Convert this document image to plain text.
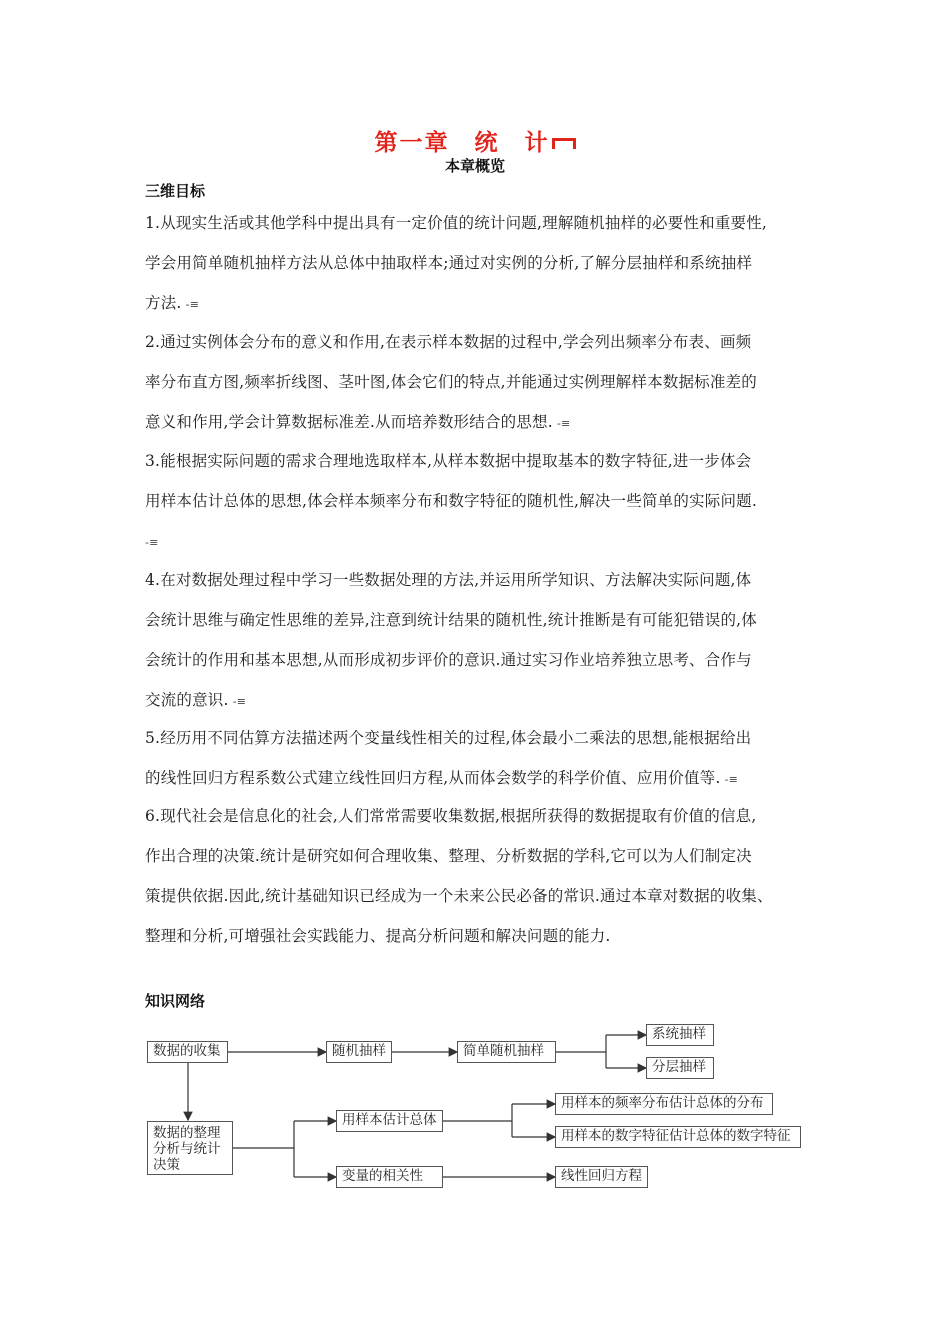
第一章　统　计
本章概览
三维目标
1.从现实生活或其他学科中提出具有一定价值的统计问题,理解随机抽样的必要性和重要性,
学会用简单随机抽样方法从总体中抽取样本;通过对实例的分析,了解分层抽样和系统抽样
方法. -≡
2.通过实例体会分布的意义和作用,在表示样本数据的过程中,学会列出频率分布表、画频
率分布直方图,频率折线图、茎叶图,体会它们的特点,并能通过实例理解样本数据标准差的
意义和作用,学会计算数据标准差.从而培养数形结合的思想. -≡
3.能根据实际问题的需求合理地选取样本,从样本数据中提取基本的数字特征,进一步体会
用样本估计总体的思想,体会样本频率分布和数字特征的随机性,解决一些简单的实际问题.
-≡
4.在对数据处理过程中学习一些数据处理的方法,并运用所学知识、方法解决实际问题,体
会统计思维与确定性思维的差异,注意到统计结果的随机性,统计推断是有可能犯错误的,体
会统计的作用和基本思想,从而形成初步评价的意识.通过实习作业培养独立思考、合作与
交流的意识. -≡
5.经历用不同估算方法描述两个变量线性相关的过程,体会最小二乘法的思想,能根据给出
的线性回归方程系数公式建立线性回归方程,从而体会数学的科学价值、应用价值等. -≡
6.现代社会是信息化的社会,人们常常需要收集数据,根据所获得的数据提取有价值的信息,
作出合理的决策.统计是研究如何合理收集、整理、分析数据的学科,它可以为人们制定决
策提供依据.因此,统计基础知识已经成为一个未来公民必备的常识.通过本章对数据的收集、
整理和分析,可增强社会实践能力、提高分析问题和解决问题的能力.
知识网络
数据的收集	随机抽样	简单随机抽样
系统抽样
分层抽样
数据的整理分析与统计决策
用样本估计总体
变量的相关性
用样本的频率分布估计总体的分布
用样本的数字特征估计总体的数字特征
线性回归方程
